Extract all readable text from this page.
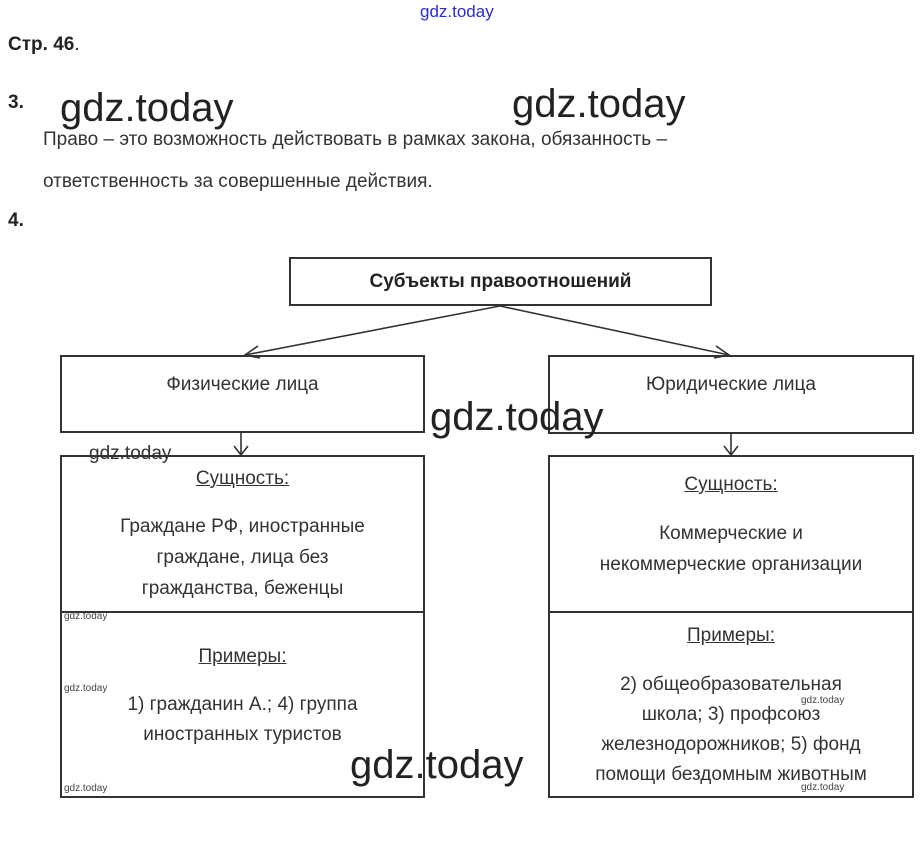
gdz.today
Стр. 46.
3. gdz.today	gdz.today
Право – это возможность действовать в рамках закона, обязанность –
ответственность за совершенные действия.
4.
Субъекты правоотношений
Физические лица	Юридические лица
Сущность:
Граждане РФ, иностранные
граждане, лица без
гражданства, беженцы
Примеры:
1) гражданин А.; 4) группа
иностранных туристов
Сущность:
Коммерческие и
некоммерческие организации
Примеры:
2) общеобразовательная
школа; 3) профсоюз
железнодорожников; 5) фонд
помощи бездомным животным
gdz.today
gdz.today
gdz.today
gdz.today
gdz.today
gdz.today
gdz.today
gdz.today
